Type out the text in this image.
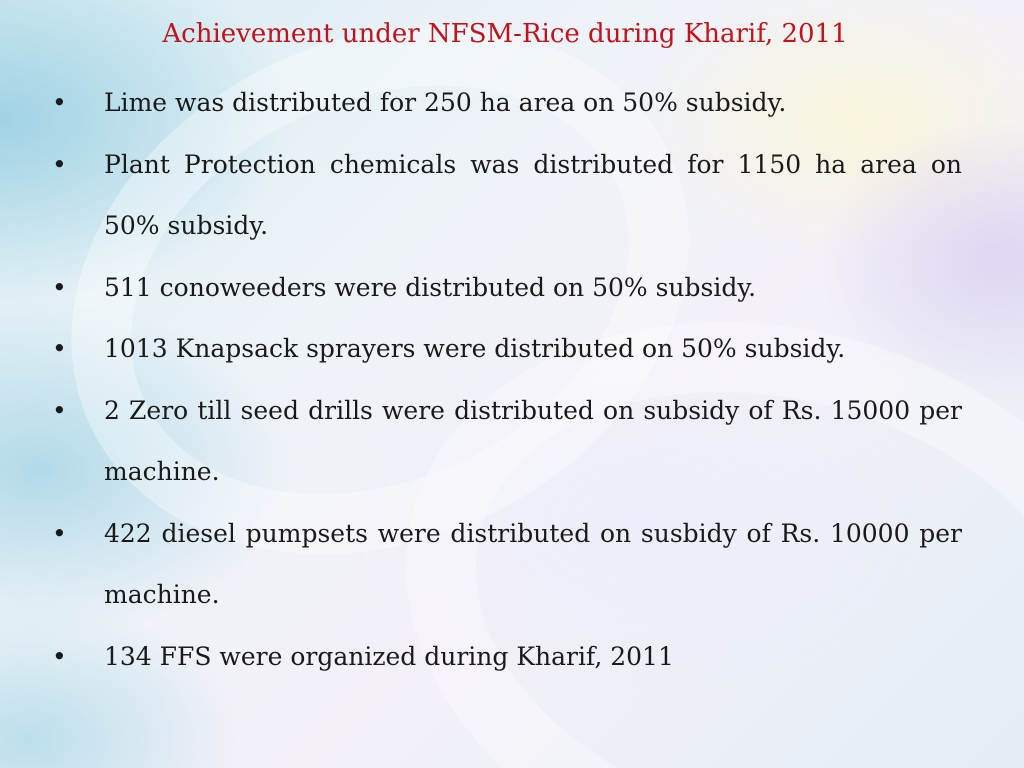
Achievement under NFSM-Rice during Kharif, 2011
•	Lime was distributed for 250 ha area on 50% subsidy.
•	Plant Protection chemicals was distributed for 1150 ha area on 50% subsidy.
•	511 conoweeders were distributed on 50% subsidy.
•	1013 Knapsack sprayers were distributed on 50% subsidy.
•	2 Zero till seed drills were distributed on subsidy of Rs. 15000 per machine.
•	422 diesel pumpsets were distributed on susbidy of Rs. 10000 per machine.
•	134 FFS were organized during Kharif, 2011
